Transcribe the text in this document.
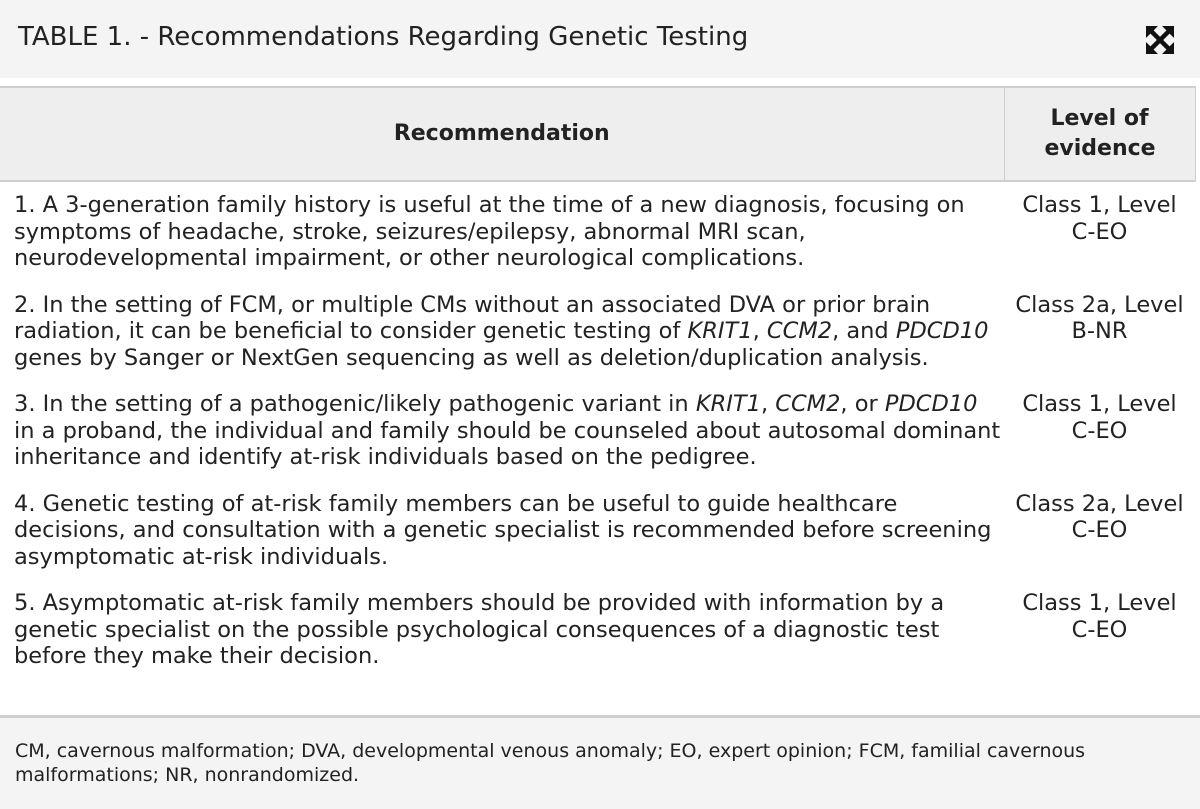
TABLE 1. - Recommendations Regarding Genetic Testing
Recommendation	Level of evidence

1. A 3-generation family history is useful at the time of a new diagnosis, focusing on symptoms of headache, stroke, seizures/epilepsy, abnormal MRI scan, neurodevelopmental impairment, or other neurological complications.	Class 1, Level
C-EO

2. In the setting of FCM, or multiple CMs without an associated DVA or prior brain radiation, it can be beneficial to consider genetic testing of KRIT1, CCM2, and PDCD10 genes by Sanger or NextGen sequencing as well as deletion/duplication analysis.	Class 2a, Level
B-NR

3. In the setting of a pathogenic/likely pathogenic variant in KRIT1, CCM2, or PDCD10 in a proband, the individual and family should be counseled about autosomal dominant inheritance and identify at-risk individuals based on the pedigree.	Class 1, Level
C-EO

4. Genetic testing of at-risk family members can be useful to guide healthcare decisions, and consultation with a genetic specialist is recommended before screening asymptomatic at-risk individuals.	Class 2a, Level
C-EO

5. Asymptomatic at-risk family members should be provided with information by a genetic specialist on the possible psychological consequences of a diagnostic test before they make their decision.	Class 1, Level
C-EO
CM, cavernous malformation; DVA, developmental venous anomaly; EO, expert opinion; FCM, familial cavernous malformations; NR, nonrandomized.
